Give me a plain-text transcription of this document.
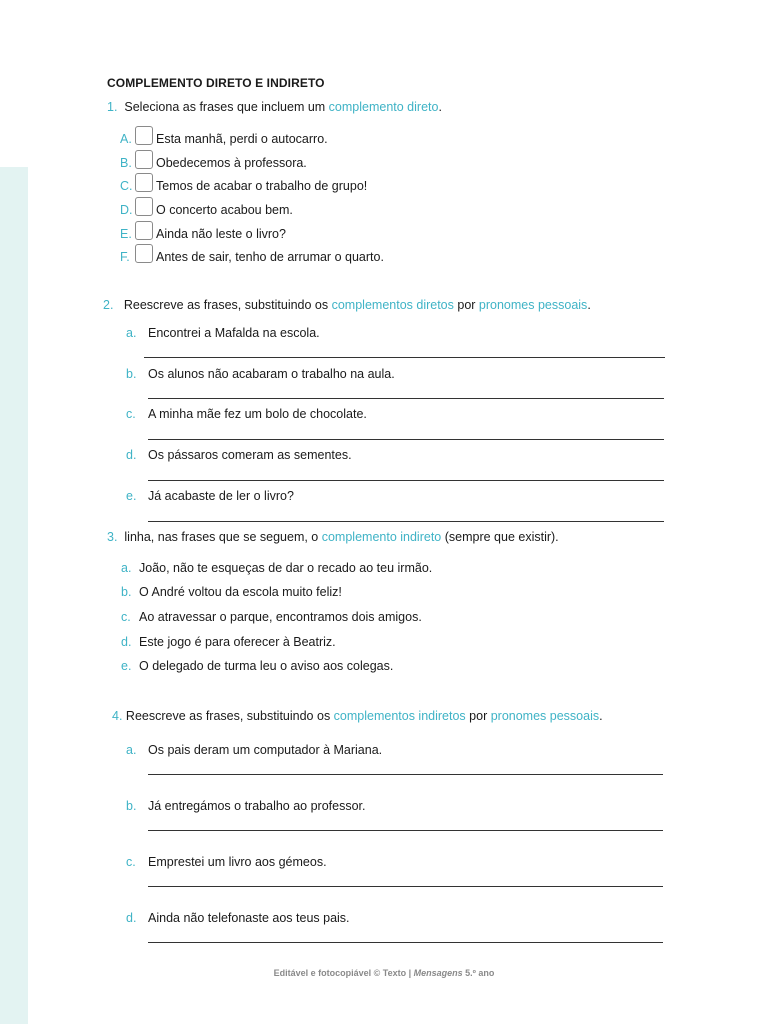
COMPLEMENTO DIRETO E INDIRETO
1. Seleciona as frases que incluem um complemento direto.
A. Esta manhã, perdi o autocarro.
B. Obedecemos à professora.
C. Temos de acabar o trabalho de grupo!
D. O concerto acabou bem.
E. Ainda não leste o livro?
F. Antes de sair, tenho de arrumar o quarto.
2. Reescreve as frases, substituindo os complementos diretos por pronomes pessoais.
a. Encontrei a Mafalda na escola.
b. Os alunos não acabaram o trabalho na aula.
c. A minha mãe fez um bolo de chocolate.
d. Os pássaros comeram as sementes.
e. Já acabaste de ler o livro?
3. linha, nas frases que se seguem, o complemento indireto (sempre que existir).
a. João, não te esqueças de dar o recado ao teu irmão.
b. O André voltou da escola muito feliz!
c. Ao atravessar o parque, encontramos dois amigos.
d. Este jogo é para oferecer à Beatriz.
e. O delegado de turma leu o aviso aos colegas.
4. Reescreve as frases, substituindo os complementos indiretos por pronomes pessoais.
a. Os pais deram um computador à Mariana.
b. Já entregámos o trabalho ao professor.
c. Emprestei um livro aos gémeos.
d. Ainda não telefonaste aos teus pais.
Editável e fotocopiável © Texto | Mensagens 5.º ano
